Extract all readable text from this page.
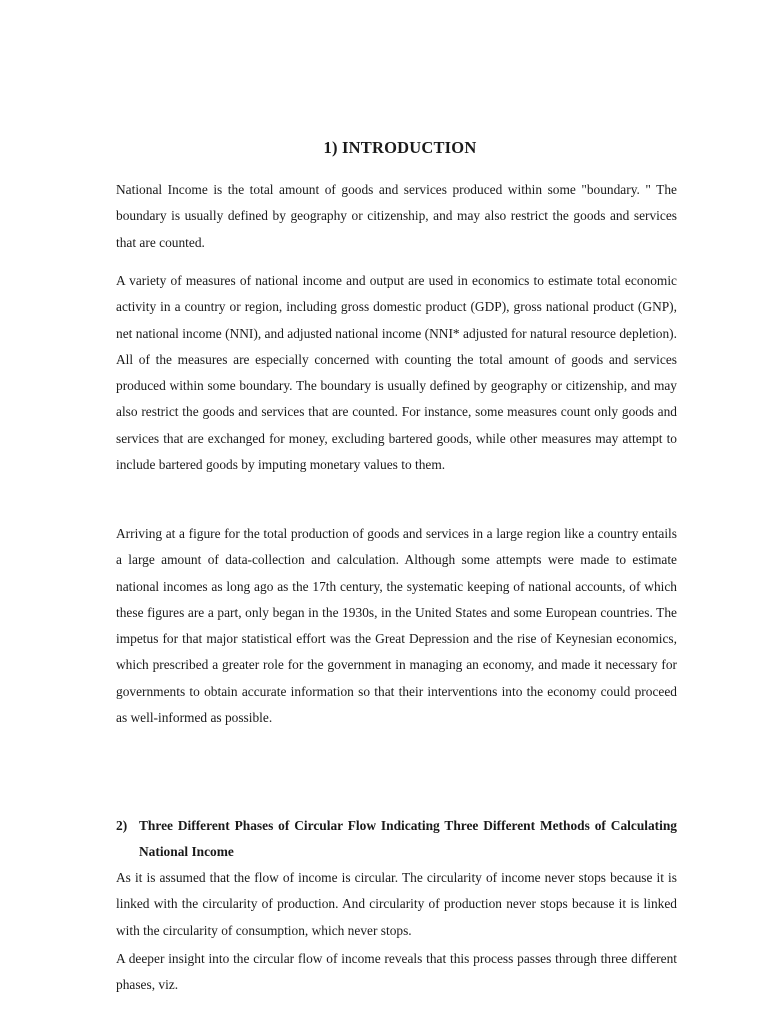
1) INTRODUCTION

National Income is the total amount of goods and services produced within some "boundary. " The boundary is usually defined by geography or citizenship, and may also restrict the goods and services that are counted.

A variety of measures of national income and output are used in economics to estimate total economic activity in a country or region, including gross domestic product (GDP), gross national product (GNP), net national income (NNI), and adjusted national income (NNI* adjusted for natural resource depletion). All of the measures are especially concerned with counting the total amount of goods and services produced within some boundary. The boundary is usually defined by geography or citizenship, and may also restrict the goods and services that are counted. For instance, some measures count only goods and services that are exchanged for money, excluding bartered goods, while other measures may attempt to include bartered goods by imputing monetary values to them.

Arriving at a figure for the total production of goods and services in a large region like a country entails a large amount of data-collection and calculation. Although some attempts were made to estimate national incomes as long ago as the 17th century, the systematic keeping of national accounts, of which these figures are a part, only began in the 1930s, in the United States and some European countries. The impetus for that major statistical effort was the Great Depression and the rise of Keynesian economics, which prescribed a greater role for the government in managing an economy, and made it necessary for governments to obtain accurate information so that their interventions into the economy could proceed as well-informed as possible.

2) Three Different Phases of Circular Flow Indicating Three Different Methods of Calculating National Income

As it is assumed that the flow of income is circular. The circularity of income never stops because it is linked with the circularity of production. And circularity of production never stops because it is linked with the circularity of consumption, which never stops.

A deeper insight into the circular flow of income reveals that this process passes through three different phases, viz.
